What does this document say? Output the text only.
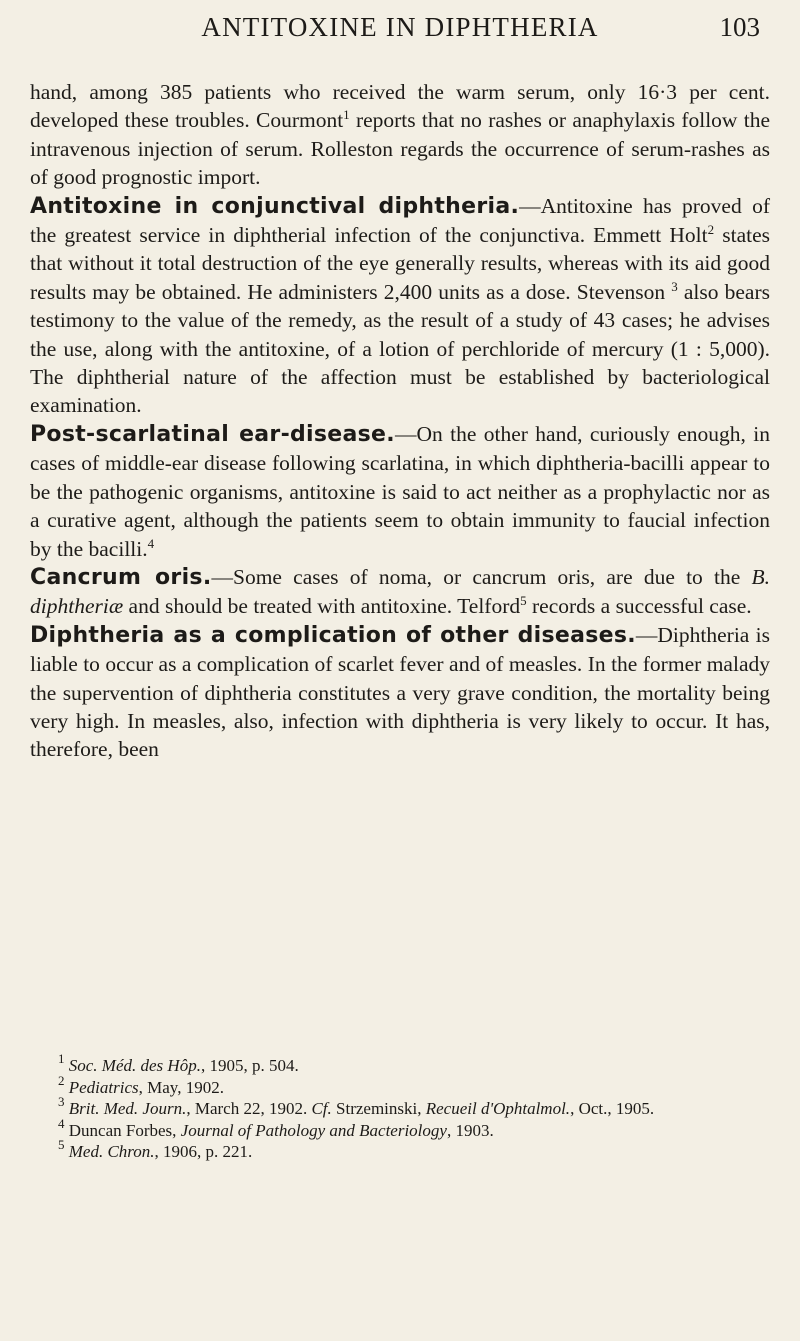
ANTITOXINE IN DIPHTHERIA	103

hand, among 385 patients who received the warm serum, only 16·3 per cent. developed these troubles. Courmont$^1$ reports that no rashes or anaphylaxis follow the intravenous injection of serum. Rolleston regards the occurrence of serum-rashes as of good prognostic import.

Antitoxine in conjunctival diphtheria.—Antitoxine has proved of the greatest service in diphtherial infection of the conjunctiva. Emmett Holt$^2$ states that without it total destruction of the eye generally results, whereas with its aid good results may be obtained. He administers 2,400 units as a dose. Stevenson $^3$ also bears testimony to the value of the remedy, as the result of a study of 43 cases; he advises the use, along with the antitoxine, of a lotion of perchloride of mercury (1 : 5,000). The diphtherial nature of the affection must be established by bacteriological examination.

Post-scarlatinal ear-disease.—On the other hand, curiously enough, in cases of middle-ear disease following scarlatina, in which diphtheria-bacilli appear to be the pathogenic organisms, antitoxine is said to act neither as a prophylactic nor as a curative agent, although the patients seem to obtain immunity to faucial infection by the bacilli.$^4$

Cancrum oris.—Some cases of noma, or cancrum oris, are due to the B. diphtheriæ and should be treated with antitoxine. Telford$^5$ records a successful case.

Diphtheria as a complication of other diseases.—Diphtheria is liable to occur as a complication of scarlet fever and of measles. In the former malady the supervention of diphtheria constitutes a very grave condition, the mortality being very high. In measles, also, infection with diphtheria is very likely to occur. It has, therefore, been

$^1$ Soc. Méd. des Hôp., 1905, p. 504.

$^2$ Pediatrics, May, 1902.

$^3$ Brit. Med. Journ., March 22, 1902. Cf. Strzeminski, Recueil d'Ophtalmol., Oct., 1905.

$^4$ Duncan Forbes, Journal of Pathology and Bacteriology, 1903.

$^5$ Med. Chron., 1906, p. 221.
